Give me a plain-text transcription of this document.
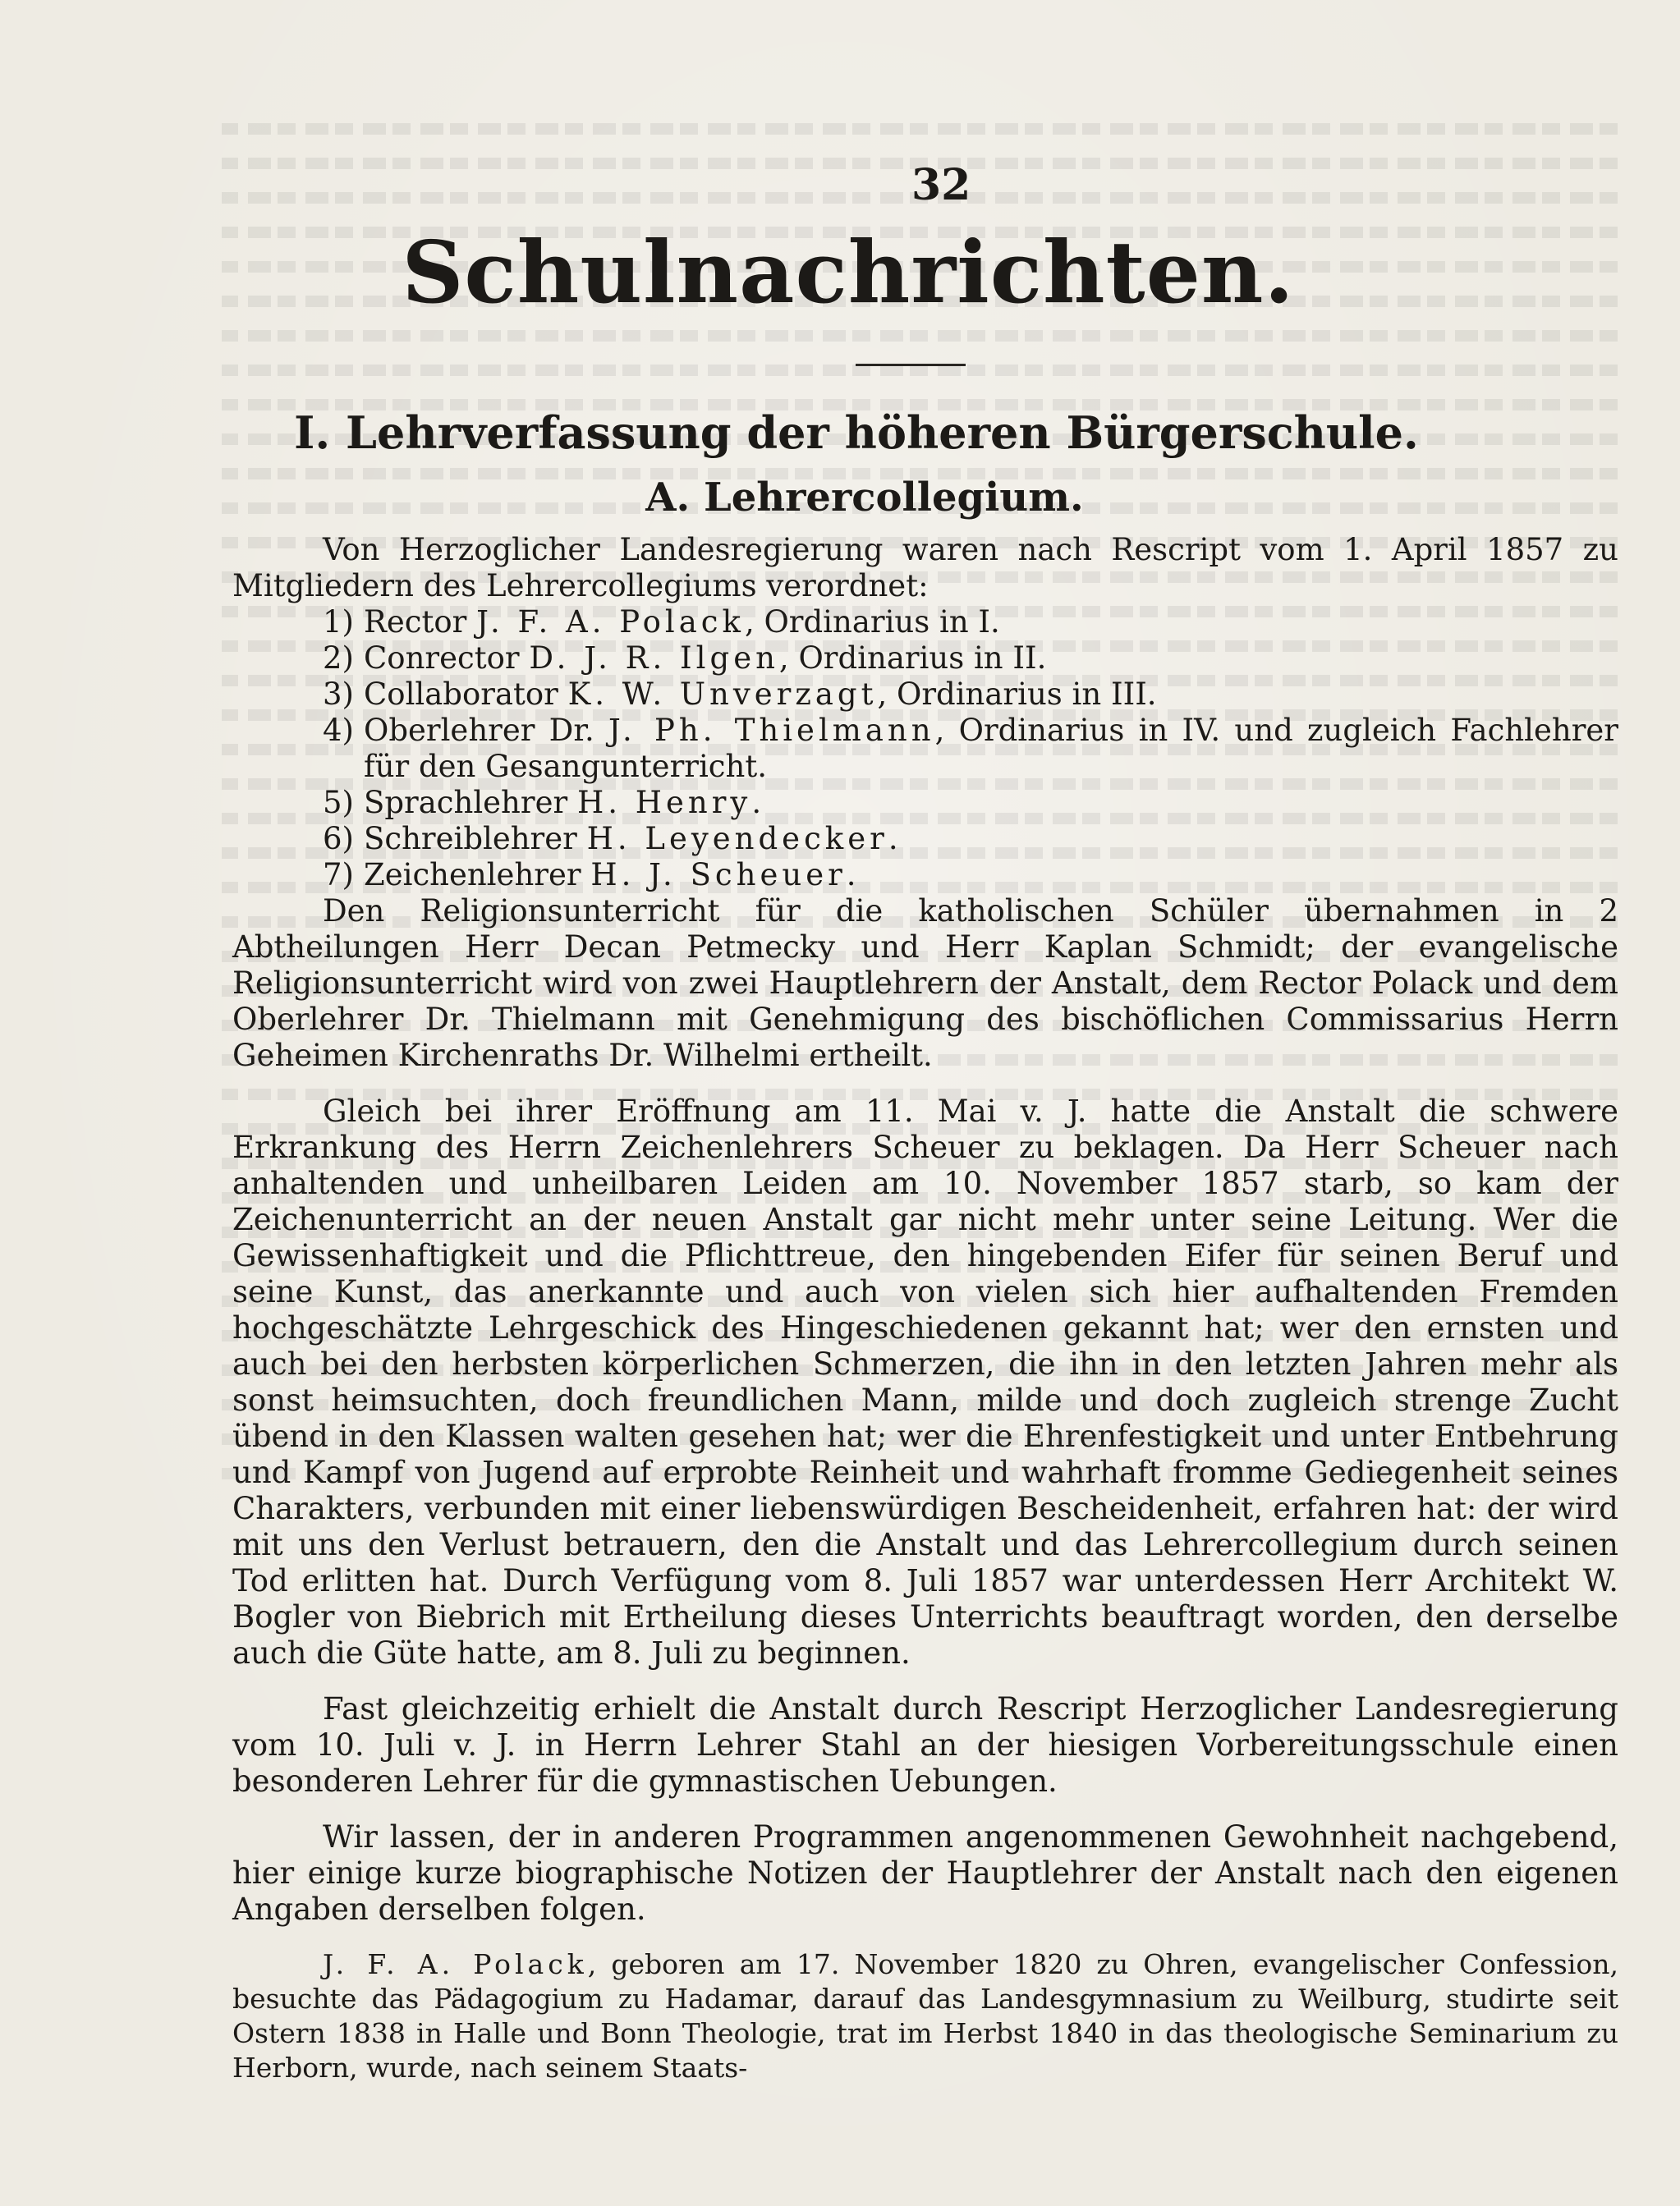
32
Schulnachrichten.
I. Lehrverfassung der höheren Bürgerschule.
A. Lehrercollegium.

Von Herzoglicher Landesregierung waren nach Rescript vom 1. April 1857 zu Mitgliedern des Lehrercollegiums verordnet:

1) Rector J. F. A. Polack, Ordinarius in I.
2) Conrector D. J. R. Ilgen, Ordinarius in II.
3) Collaborator K. W. Unverzagt, Ordinarius in III.
4) Oberlehrer Dr. J. Ph. Thielmann, Ordinarius in IV. und zugleich Fachlehrer für den Gesangunterricht.
5) Sprachlehrer H. Henry.
6) Schreiblehrer H. Leyendecker.
7) Zeichenlehrer H. J. Scheuer.

Den Religionsunterricht für die katholischen Schüler übernahmen in 2 Abtheilungen Herr Decan Petmecky und Herr Kaplan Schmidt; der evangelische Religionsunterricht wird von zwei Hauptlehrern der Anstalt, dem Rector Polack und dem Oberlehrer Dr. Thielmann mit Genehmigung des bischöflichen Commissarius Herrn Geheimen Kirchenraths Dr. Wilhelmi ertheilt.

Gleich bei ihrer Eröffnung am 11. Mai v. J. hatte die Anstalt die schwere Erkrankung des Herrn Zeichenlehrers Scheuer zu beklagen. Da Herr Scheuer nach anhaltenden und unheilbaren Leiden am 10. November 1857 starb, so kam der Zeichenunterricht an der neuen Anstalt gar nicht mehr unter seine Leitung. Wer die Gewissenhaftigkeit und die Pflichttreue, den hingebenden Eifer für seinen Beruf und seine Kunst, das anerkannte und auch von vielen sich hier aufhaltenden Fremden hochgeschätzte Lehrgeschick des Hingeschiedenen gekannt hat; wer den ernsten und auch bei den herbsten körperlichen Schmerzen, die ihn in den letzten Jahren mehr als sonst heimsuchten, doch freundlichen Mann, milde und doch zugleich strenge Zucht übend in den Klassen walten gesehen hat; wer die Ehrenfestigkeit und unter Entbehrung und Kampf von Jugend auf erprobte Reinheit und wahrhaft fromme Gediegenheit seines Charakters, verbunden mit einer liebenswürdigen Bescheidenheit, erfahren hat: der wird mit uns den Verlust betrauern, den die Anstalt und das Lehrercollegium durch seinen Tod erlitten hat. Durch Verfügung vom 8. Juli 1857 war unterdessen Herr Architekt W. Bogler von Biebrich mit Ertheilung dieses Unterrichts beauftragt worden, den derselbe auch die Güte hatte, am 8. Juli zu beginnen.

Fast gleichzeitig erhielt die Anstalt durch Rescript Herzoglicher Landesregierung vom 10. Juli v. J. in Herrn Lehrer Stahl an der hiesigen Vorbereitungsschule einen besonderen Lehrer für die gymnastischen Uebungen.

Wir lassen, der in anderen Programmen angenommenen Gewohnheit nachgebend, hier einige kurze biographische Notizen der Hauptlehrer der Anstalt nach den eigenen Angaben derselben folgen.

J. F. A. Polack, geboren am 17. November 1820 zu Ohren, evangelischer Confession, besuchte das Pädagogium zu Hadamar, darauf das Landesgymnasium zu Weilburg, studirte seit Ostern 1838 in Halle und Bonn Theologie, trat im Herbst 1840 in das theologische Seminarium zu Herborn, wurde, nach seinem Staats-
